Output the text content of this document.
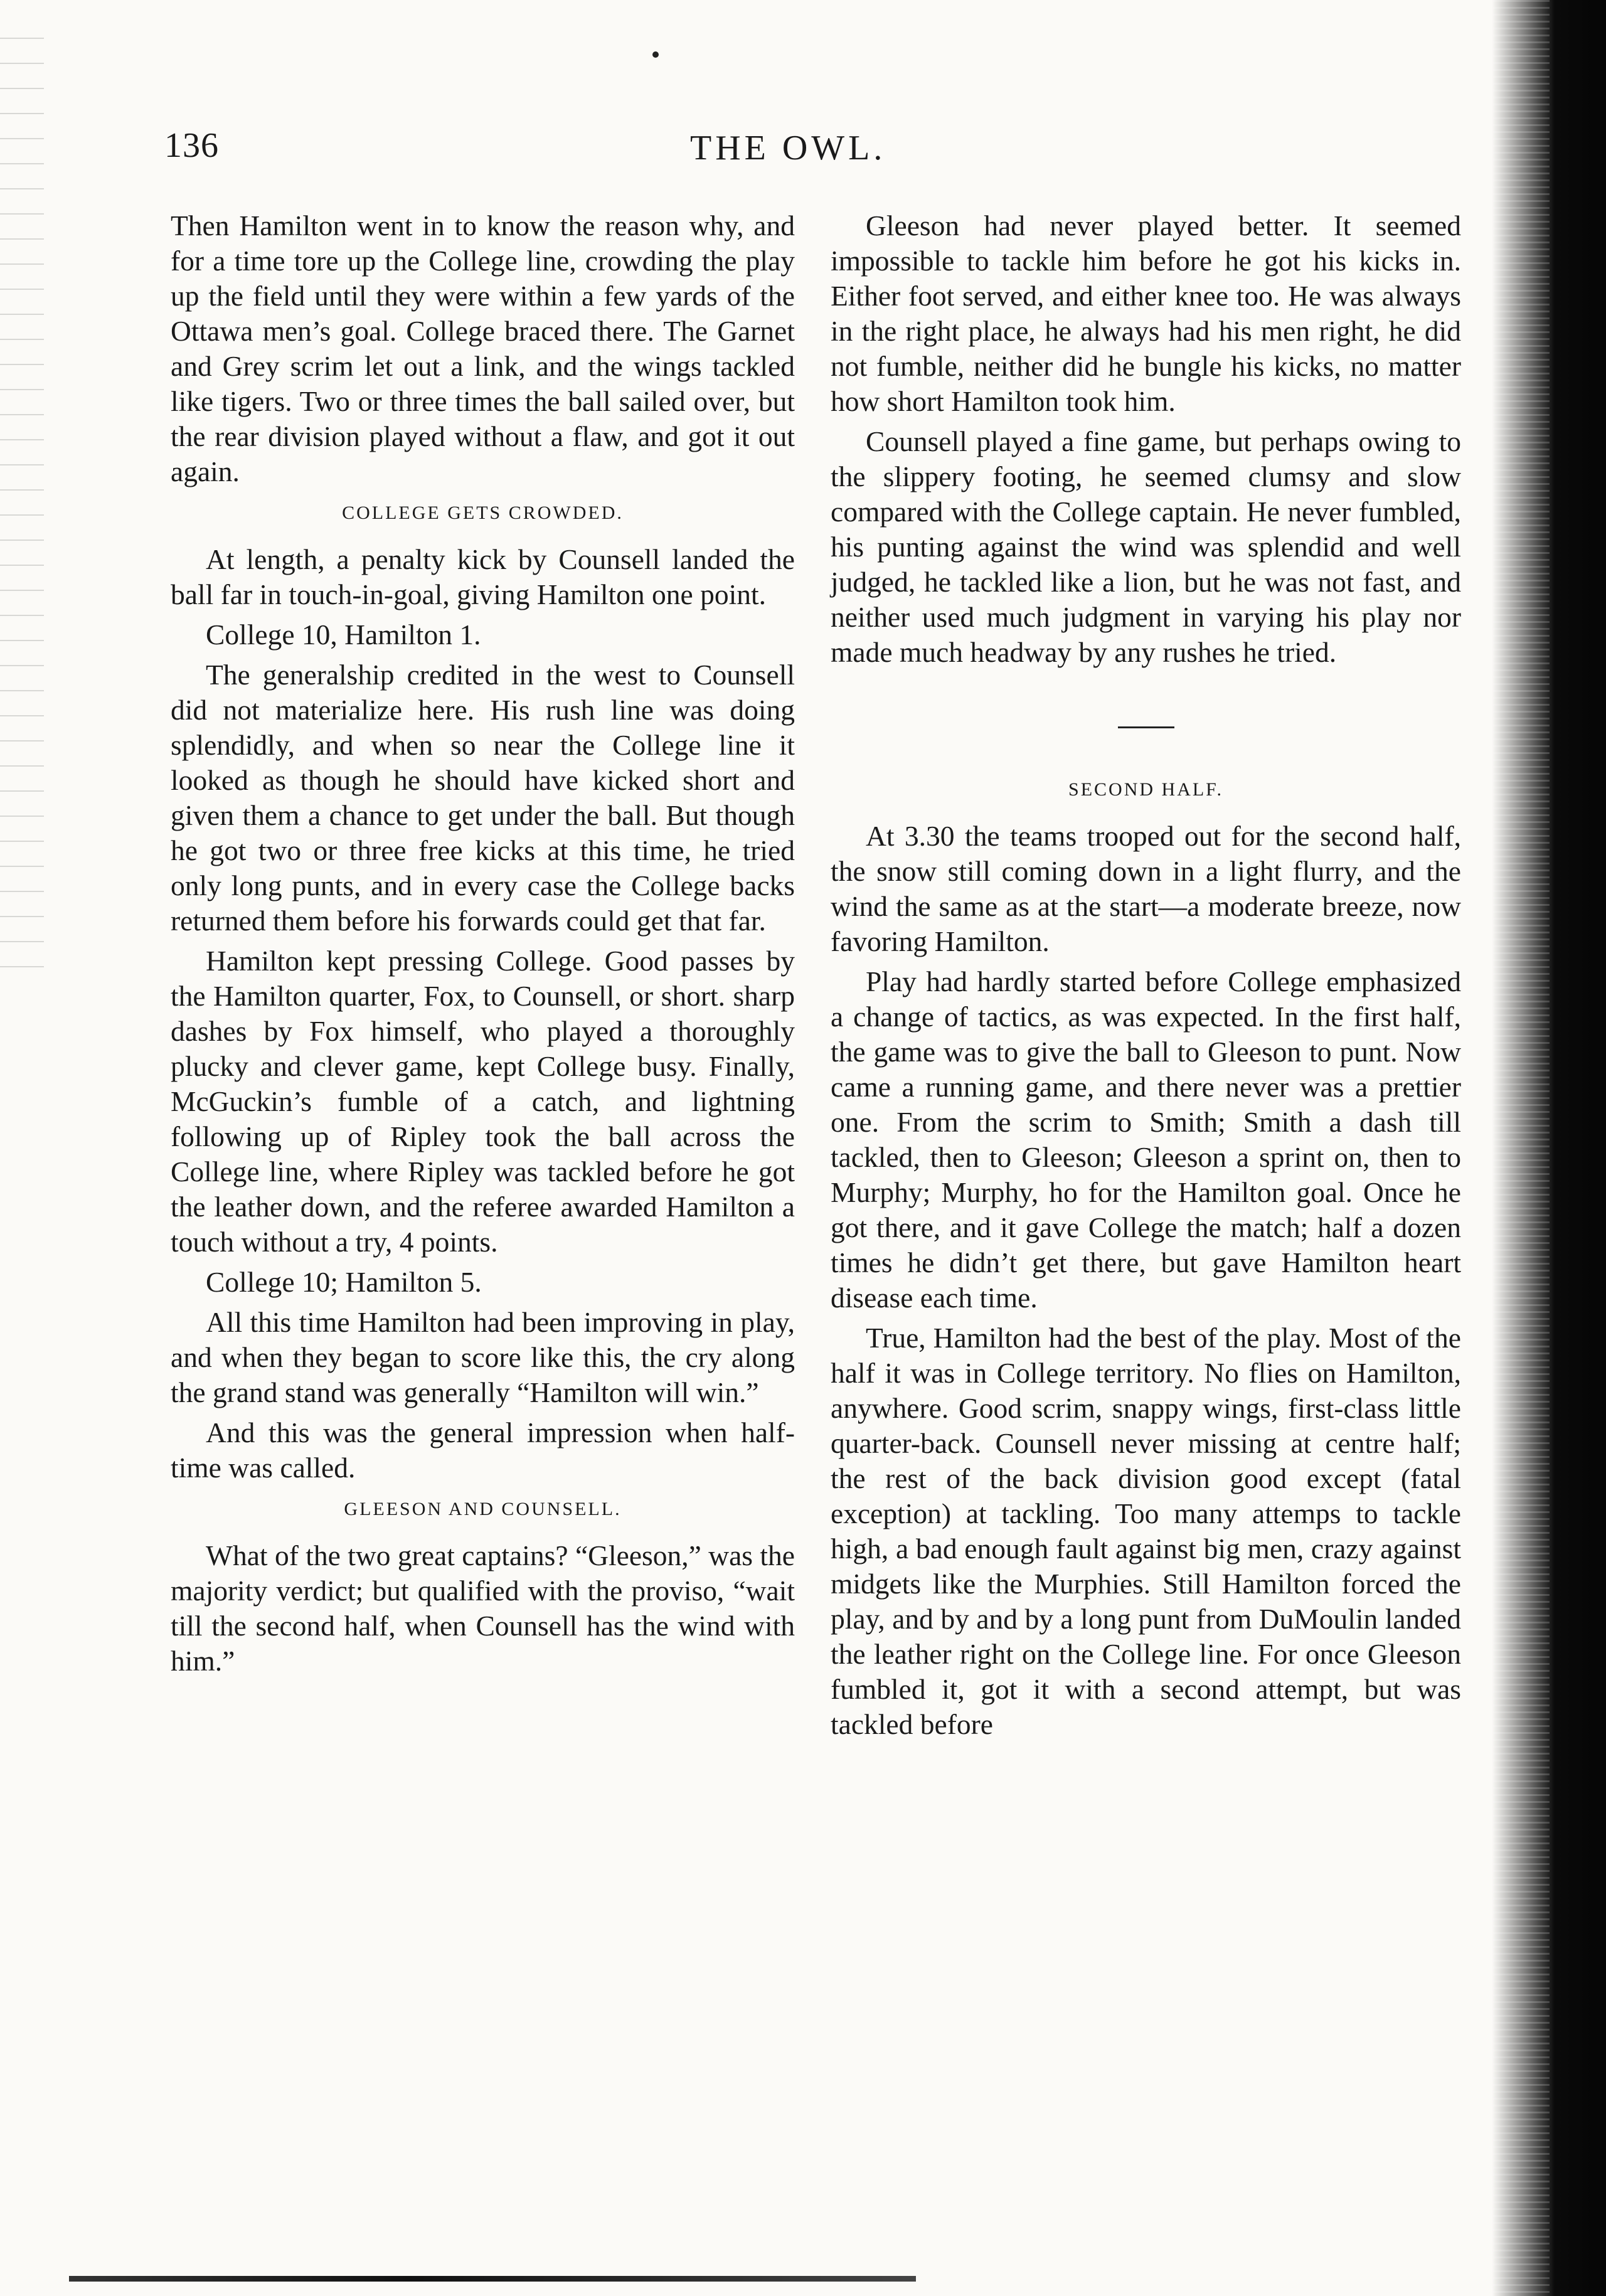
136	THE OWL.

Then Hamilton went in to know the reason why, and for a time tore up the College line, crowding the play up the field until they were within a few yards of the Ottawa men’s goal. College braced there. The Garnet and Grey scrim let out a link, and the wings tackled like tigers. Two or three times the ball sailed over, but the rear division played without a flaw, and got it out again.

COLLEGE GETS CROWDED.

At length, a penalty kick by Counsell landed the ball far in touch-in-goal, giving Hamilton one point.

College 10, Hamilton 1.

The generalship credited in the west to Counsell did not materialize here. His rush line was doing splendidly, and when so near the College line it looked as though he should have kicked short and given them a chance to get under the ball. But though he got two or three free kicks at this time, he tried only long punts, and in every case the College backs returned them before his forwards could get that far.

Hamilton kept pressing College. Good passes by the Hamilton quarter, Fox, to Counsell, or short. sharp dashes by Fox himself, who played a thoroughly plucky and clever game, kept College busy. Finally, McGuckin’s fumble of a catch, and lightning following up of Ripley took the ball across the College line, where Ripley was tackled before he got the leather down, and the referee awarded Hamilton a touch without a try, 4 points.

College 10; Hamilton 5.

All this time Hamilton had been improving in play, and when they began to score like this, the cry along the grand stand was generally “Hamilton will win.”

And this was the general impression when half-time was called.

GLEESON AND COUNSELL.

What of the two great captains? “Gleeson,” was the majority verdict; but qualified with the proviso, “wait till the second half, when Counsell has the wind with him.”

Gleeson had never played better. It seemed impossible to tackle him before he got his kicks in. Either foot served, and either knee too. He was always in the right place, he always had his men right, he did not fumble, neither did he bungle his kicks, no matter how short Hamilton took him.

Counsell played a fine game, but perhaps owing to the slippery footing, he seemed clumsy and slow compared with the College captain. He never fumbled, his punting against the wind was splendid and well judged, he tackled like a lion, but he was not fast, and neither used much judgment in varying his play nor made much headway by any rushes he tried.

SECOND HALF.

At 3.30 the teams trooped out for the second half, the snow still coming down in a light flurry, and the wind the same as at the start—a moderate breeze, now favoring Hamilton.

Play had hardly started before College emphasized a change of tactics, as was expected. In the first half, the game was to give the ball to Gleeson to punt. Now came a running game, and there never was a prettier one. From the scrim to Smith; Smith a dash till tackled, then to Gleeson; Gleeson a sprint on, then to Murphy; Murphy, ho for the Hamilton goal. Once he got there, and it gave College the match; half a dozen times he didn’t get there, but gave Hamilton heart disease each time.

True, Hamilton had the best of the play. Most of the half it was in College territory. No flies on Hamilton, anywhere. Good scrim, snappy wings, first-class little quarter-back. Counsell never missing at centre half; the rest of the back division good except (fatal exception) at tackling. Too many attemps to tackle high, a bad enough fault against big men, crazy against midgets like the Murphies. Still Hamilton forced the play, and by and by a long punt from DuMoulin landed the leather right on the College line. For once Gleeson fumbled it, got it with a second attempt, but was tackled before
